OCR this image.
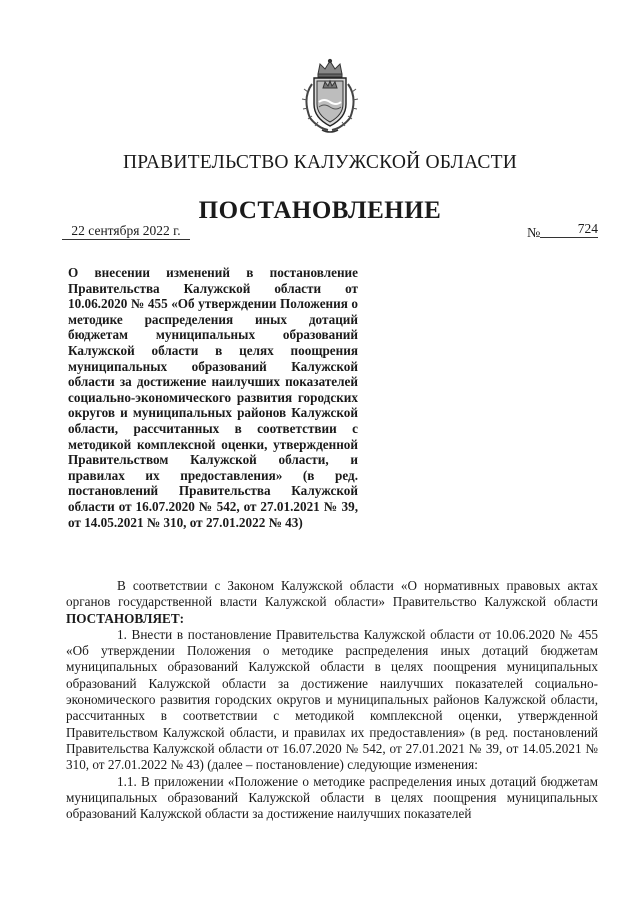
ПРАВИТЕЛЬСТВО КАЛУЖСКОЙ ОБЛАСТИ
ПОСТАНОВЛЕНИЕ
22 сентября 2022 г.	№	724
О внесении изменений в постановление Правительства Калужской области от 10.06.2020 № 455 «Об утверждении Положения о методике распределения иных дотаций бюджетам муниципальных образований Калужской области в целях поощрения муниципальных образований Калужской области за достижение наилучших показателей социально-экономического развития городских округов и муниципальных районов Калужской области, рассчитанных в соответствии с методикой комплексной оценки, утвержденной Правительством Калужской области, и правилах их предоставления» (в ред. постановлений Правительства Калужской области от 16.07.2020 № 542, от 27.01.2021 № 39, от 14.05.2021 № 310, от 27.01.2022 № 43)

В соответствии с Законом Калужской области «О нормативных правовых актах органов государственной власти Калужской области» Правительство Калужской области ПОСТАНОВЛЯЕТ:

1. Внести в постановление Правительства Калужской области от 10.06.2020 № 455 «Об утверждении Положения о методике распределения иных дотаций бюджетам муниципальных образований Калужской области в целях поощрения муниципальных образований Калужской области за достижение наилучших показателей социально-экономического развития городских округов и муниципальных районов Калужской области, рассчитанных в соответствии с методикой комплексной оценки, утвержденной Правительством Калужской области, и правилах их предоставления» (в ред. постановлений Правительства Калужской области от 16.07.2020 № 542, от 27.01.2021 № 39, от 14.05.2021 № 310, от 27.01.2022 № 43) (далее – постановление) следующие изменения:

1.1. В приложении «Положение о методике распределения иных дотаций бюджетам муниципальных образований Калужской области в целях поощрения муниципальных образований Калужской области за достижение наилучших показателей
